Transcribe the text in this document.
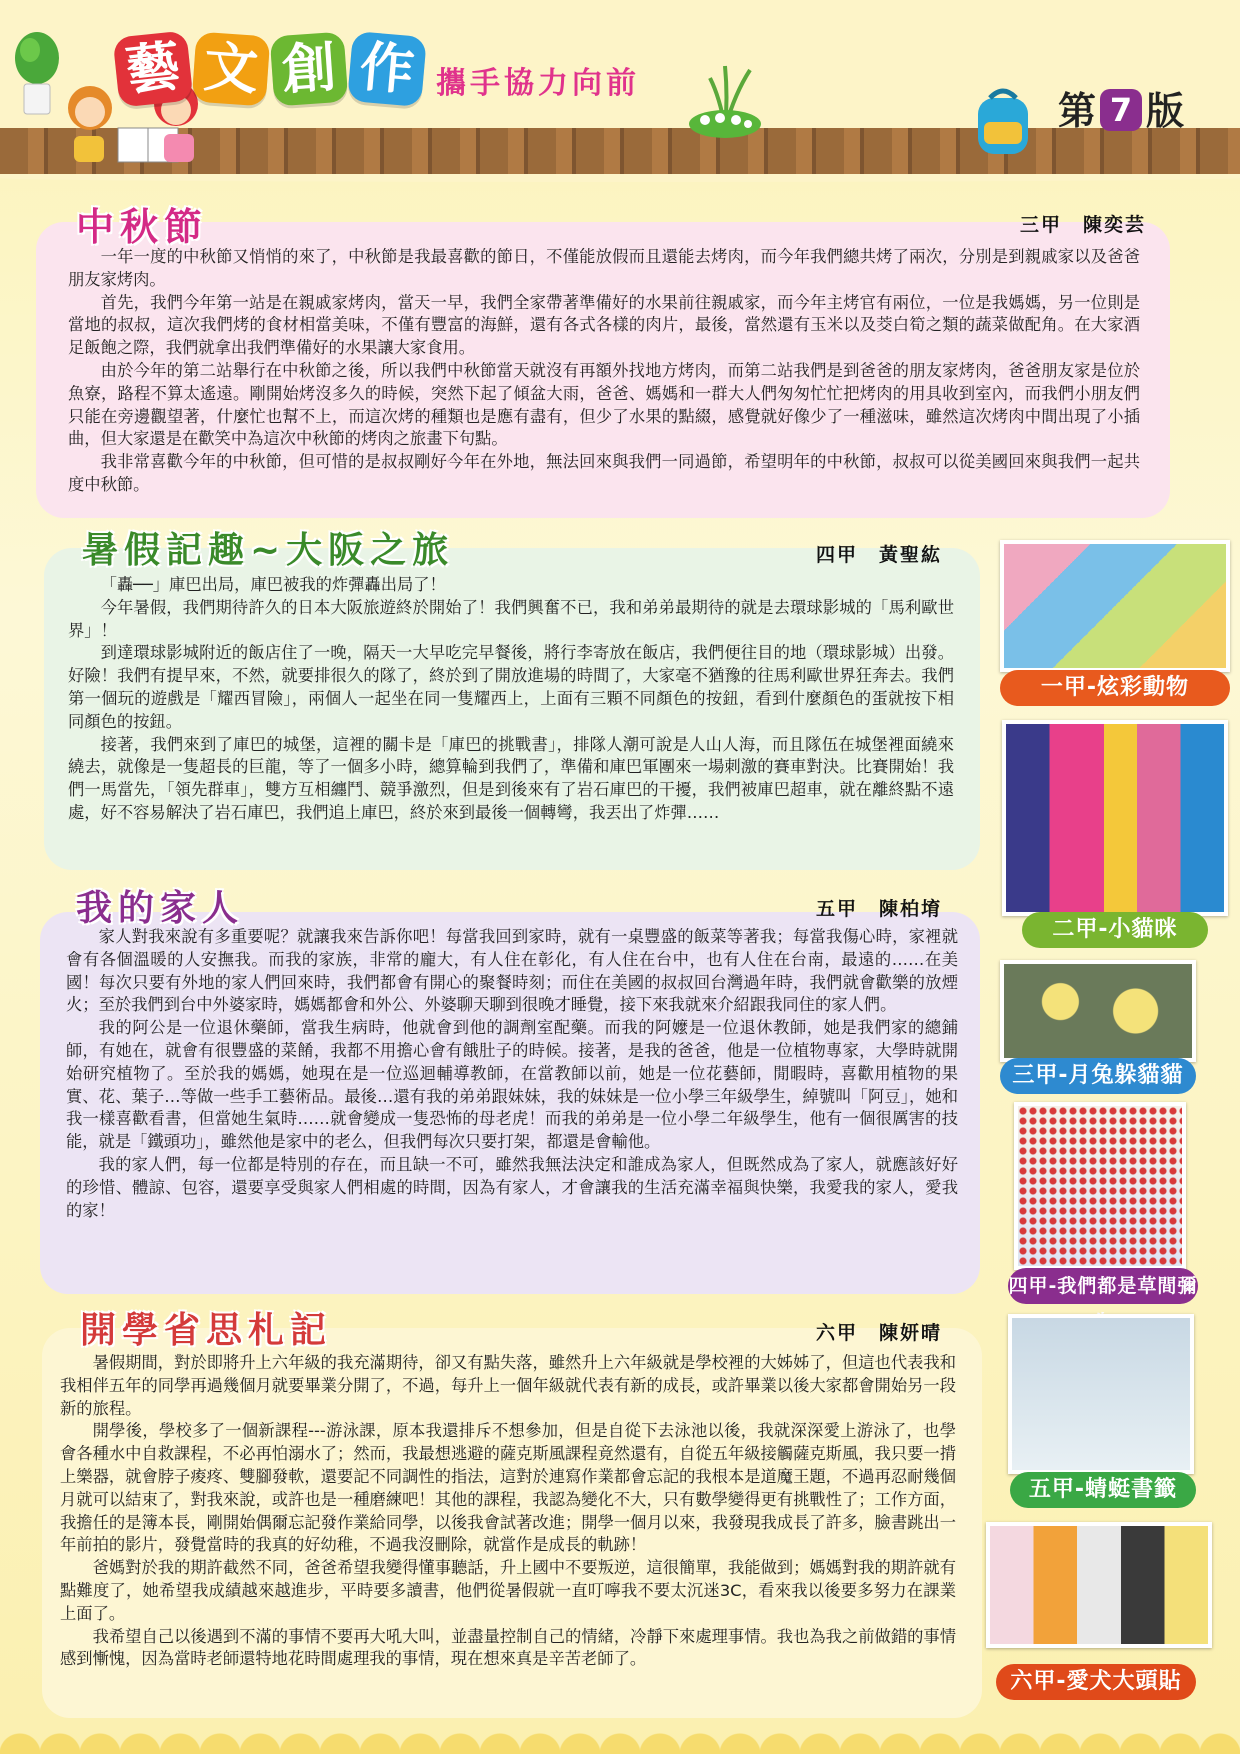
藝 文 創 作 攜手協力向前
第 7 版
中秋節	三甲　陳奕芸

一年一度的中秋節又悄悄的來了，中秋節是我最喜歡的節日，不僅能放假而且還能去烤肉，而今年我們總共烤了兩次，分別是到親戚家以及爸爸朋友家烤肉。

首先，我們今年第一站是在親戚家烤肉，當天一早，我們全家帶著準備好的水果前往親戚家，而今年主烤官有兩位，一位是我媽媽，另一位則是當地的叔叔，這次我們烤的食材相當美味，不僅有豐富的海鮮，還有各式各樣的肉片，最後，當然還有玉米以及茭白筍之類的蔬菜做配角。在大家酒足飯飽之際，我們就拿出我們準備好的水果讓大家食用。

由於今年的第二站舉行在中秋節之後，所以我們中秋節當天就沒有再額外找地方烤肉，而第二站我們是到爸爸的朋友家烤肉，爸爸朋友家是位於魚寮，路程不算太遙遠。剛開始烤沒多久的時候，突然下起了傾盆大雨，爸爸、媽媽和一群大人們匆匆忙忙把烤肉的用具收到室內，而我們小朋友們只能在旁邊觀望著，什麼忙也幫不上，而這次烤的種類也是應有盡有，但少了水果的點綴，感覺就好像少了一種滋味，雖然這次烤肉中間出現了小插曲，但大家還是在歡笑中為這次中秋節的烤肉之旅畫下句點。

我非常喜歡今年的中秋節，但可惜的是叔叔剛好今年在外地，無法回來與我們一同過節，希望明年的中秋節，叔叔可以從美國回來與我們一起共度中秋節。

暑假記趣~大阪之旅	四甲　黃聖紘

「轟──」庫巴出局，庫巴被我的炸彈轟出局了！

今年暑假，我們期待許久的日本大阪旅遊終於開始了！我們興奮不已，我和弟弟最期待的就是去環球影城的「馬利歐世界」！

到達環球影城附近的飯店住了一晚，隔天一大早吃完早餐後，將行李寄放在飯店，我們便往目的地（環球影城）出發。好險！我們有提早來，不然，就要排很久的隊了，終於到了開放進場的時間了，大家毫不猶豫的往馬利歐世界狂奔去。我們第一個玩的遊戲是「耀西冒險」，兩個人一起坐在同一隻耀西上，上面有三顆不同顏色的按鈕，看到什麼顏色的蛋就按下相同顏色的按鈕。

接著，我們來到了庫巴的城堡，這裡的關卡是「庫巴的挑戰書」，排隊人潮可說是人山人海，而且隊伍在城堡裡面繞來繞去，就像是一隻超長的巨龍，等了一個多小時，總算輪到我們了，準備和庫巴軍團來一場刺激的賽車對決。比賽開始！我們一馬當先，「領先群車」，雙方互相纏鬥、競爭激烈，但是到後來有了岩石庫巴的干擾，我們被庫巴超車，就在離終點不遠處，好不容易解決了岩石庫巴，我們追上庫巴，終於來到最後一個轉彎，我丟出了炸彈……

我的家人	五甲　陳柏堉

家人對我來說有多重要呢？就讓我來告訴你吧！每當我回到家時，就有一桌豐盛的飯菜等著我；每當我傷心時，家裡就會有各個溫暖的人安撫我。而我的家族，非常的龐大，有人住在彰化，有人住在台中，也有人住在台南，最遠的……在美國！每次只要有外地的家人們回來時，我們都會有開心的聚餐時刻；而住在美國的叔叔回台灣過年時，我們就會歡樂的放煙火；至於我們到台中外婆家時，媽媽都會和外公、外婆聊天聊到很晚才睡覺，接下來我就來介紹跟我同住的家人們。

我的阿公是一位退休藥師，當我生病時，他就會到他的調劑室配藥。而我的阿嬤是一位退休教師，她是我們家的總鋪師，有她在，就會有很豐盛的菜餚，我都不用擔心會有餓肚子的時候。接著，是我的爸爸，他是一位植物專家，大學時就開始研究植物了。至於我的媽媽，她現在是一位巡迴輔導教師，在當教師以前，她是一位花藝師，閒暇時，喜歡用植物的果實、花、葉子…等做一些手工藝術品。最後…還有我的弟弟跟妹妹，我的妹妹是一位小學三年級學生，綽號叫「阿豆」，她和我一樣喜歡看書，但當她生氣時……就會變成一隻恐怖的母老虎！而我的弟弟是一位小學二年級學生，他有一個很厲害的技能，就是「鐵頭功」，雖然他是家中的老么，但我們每次只要打架，都還是會輸他。

我的家人們，每一位都是特別的存在，而且缺一不可，雖然我無法決定和誰成為家人，但既然成為了家人，就應該好好的珍惜、體諒、包容，還要享受與家人們相處的時間，因為有家人，才會讓我的生活充滿幸福與快樂，我愛我的家人，愛我的家！

開學省思札記	六甲　陳妍晴

暑假期間，對於即將升上六年級的我充滿期待，卻又有點失落，雖然升上六年級就是學校裡的大姊姊了，但這也代表我和我相伴五年的同學再過幾個月就要畢業分開了，不過，每升上一個年級就代表有新的成長，或許畢業以後大家都會開始另一段新的旅程。

開學後，學校多了一個新課程---游泳課，原本我還排斥不想參加，但是自從下去泳池以後，我就深深愛上游泳了，也學會各種水中自救課程，不必再怕溺水了；然而，我最想逃避的薩克斯風課程竟然還有，自從五年級接觸薩克斯風，我只要一揹上樂器，就會脖子痠疼、雙腳發軟，還要記不同調性的指法，這對於連寫作業都會忘記的我根本是道魔王題，不過再忍耐幾個月就可以結束了，對我來說，或許也是一種磨練吧！其他的課程，我認為變化不大，只有數學變得更有挑戰性了；工作方面，我擔任的是簿本長，剛開始偶爾忘記發作業給同學，以後我會試著改進；開學一個月以來，我發現我成長了許多，臉書跳出一年前拍的影片，發覺當時的我真的好幼稚，不過我沒刪除，就當作是成長的軌跡！

爸媽對於我的期許截然不同，爸爸希望我變得懂事聽話，升上國中不要叛逆，這很簡單，我能做到；媽媽對我的期許就有點難度了，她希望我成績越來越進步，平時要多讀書，他們從暑假就一直叮嚀我不要太沉迷3C，看來我以後要多努力在課業上面了。

我希望自己以後遇到不滿的事情不要再大吼大叫，並盡量控制自己的情緒，冷靜下來處理事情。我也為我之前做錯的事情感到慚愧，因為當時老師還特地花時間處理我的事情，現在想來真是辛苦老師了。

一甲-炫彩動物
二甲-小貓咪
三甲-月兔躲貓貓
四甲-我們都是草間彌
五甲-蜻蜓書籤
六甲-愛犬大頭貼
